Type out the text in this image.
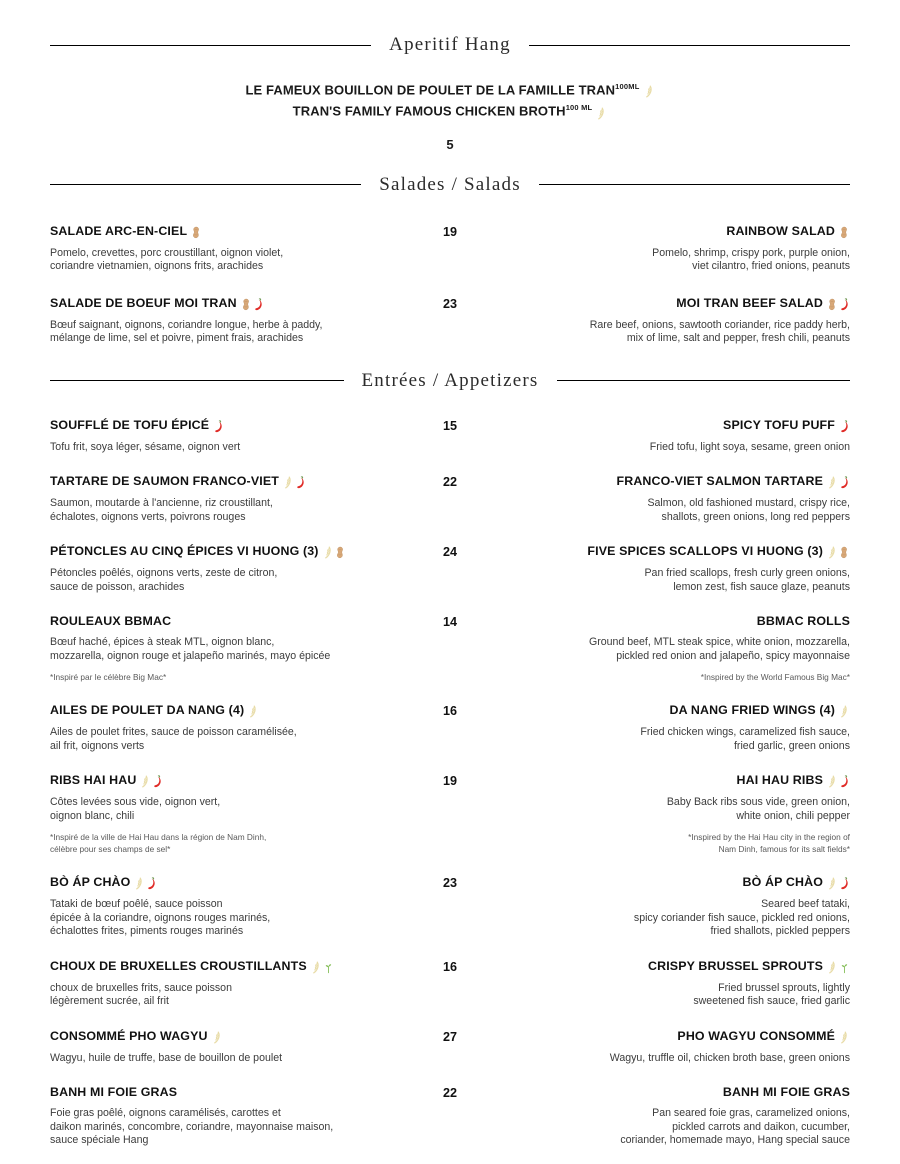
Aperitif Hang
LE FAMEUX BOUILLON DE POULET DE LA FAMILLE $TRAN^{100ML}$
TRAN'S FAMILY FAMOUS CHICKEN $BROTH^{100 ML}$
5
Salades / Salads
SALADE ARC-EN-CIEL
Pomelo, crevettes, porc croustillant, oignon violet,
coriandre vietnamien, oignons frits, arachides
19	RAINBOW SALAD
Pomelo, shrimp, crispy pork, purple onion,
viet cilantro, fried onions, peanuts
SALADE DE BOEUF MOI TRAN
Bœuf saignant, oignons, coriandre longue, herbe à paddy,
mélange de lime, sel et poivre, piment frais, arachides
23	MOI TRAN BEEF SALAD
Rare beef, onions, sawtooth coriander, rice paddy herb,
mix of lime, salt and pepper, fresh chili, peanuts
Entrées / Appetizers
SOUFFLÉ DE TOFU ÉPICÉ
Tofu frit, soya léger, sésame, oignon vert
15	SPICY TOFU PUFF
Fried tofu, light soya, sesame, green onion
TARTARE DE SAUMON FRANCO-VIET
Saumon, moutarde à l'ancienne, riz croustillant,
échalotes, oignons verts, poivrons rouges
22	FRANCO-VIET SALMON TARTARE
Salmon, old fashioned mustard, crispy rice,
shallots, green onions, long red peppers
PÉTONCLES AU CINQ ÉPICES VI HUONG (3)
Pétoncles poêlés, oignons verts, zeste de citron,
sauce de poisson, arachides
24	FIVE SPICES SCALLOPS VI HUONG (3)
Pan fried scallops, fresh curly green onions,
lemon zest, fish sauce glaze, peanuts
ROULEAUX BBMAC
Bœuf haché, épices à steak MTL, oignon blanc,
mozzarella, oignon rouge et jalapeño marinés, mayo épicée
*Inspiré par le célèbre Big Mac*
14	BBMAC ROLLS
Ground beef, MTL steak spice, white onion, mozzarella,
pickled red onion and jalapeño, spicy mayonnaise
*Inspired by the World Famous Big Mac*
AILES DE POULET DA NANG (4)
Ailes de poulet frites, sauce de poisson caramélisée,
ail frit, oignons verts
16	DA NANG FRIED WINGS (4)
Fried chicken wings, caramelized fish sauce,
fried garlic, green onions
RIBS HAI HAU
Côtes levées sous vide, oignon vert,
oignon blanc, chili
*Inspiré de la ville de Hai Hau dans la région de Nam Dinh,
célèbre pour ses champs de sel*
19	HAI HAU RIBS
Baby Back ribs sous vide, green onion,
white onion, chili pepper
*Inspired by the Hai Hau city in the region of
Nam Dinh, famous for its salt fields*
BÒ ÁP CHÀO
Tataki de bœuf poêlé, sauce poisson
épicée à la coriandre, oignons rouges marinés,
échalottes frites, piments rouges marinés
23	BÒ ÁP CHÀO
Seared beef tataki,
spicy coriander fish sauce, pickled red onions,
fried shallots, pickled peppers
CHOUX DE BRUXELLES CROUSTILLANTS
choux de bruxelles frits, sauce poisson
légèrement sucrée, ail frit
16	CRISPY BRUSSEL SPROUTS
Fried brussel sprouts, lightly
sweetened fish sauce, fried garlic
CONSOMMÉ PHO WAGYU
Wagyu, huile de truffe, base de bouillon de poulet
27	PHO WAGYU CONSOMMÉ
Wagyu, truffle oil, chicken broth base, green onions
BANH MI FOIE GRAS
Foie gras poêlé, oignons caramélisés, carottes et
daikon marinés, concombre, coriandre, mayonnaise maison,
sauce spéciale Hang
22	BANH MI FOIE GRAS
Pan seared foie gras, caramelized onions,
pickled carrots and daikon, cucumber,
coriander, homemade mayo, Hang special sauce
